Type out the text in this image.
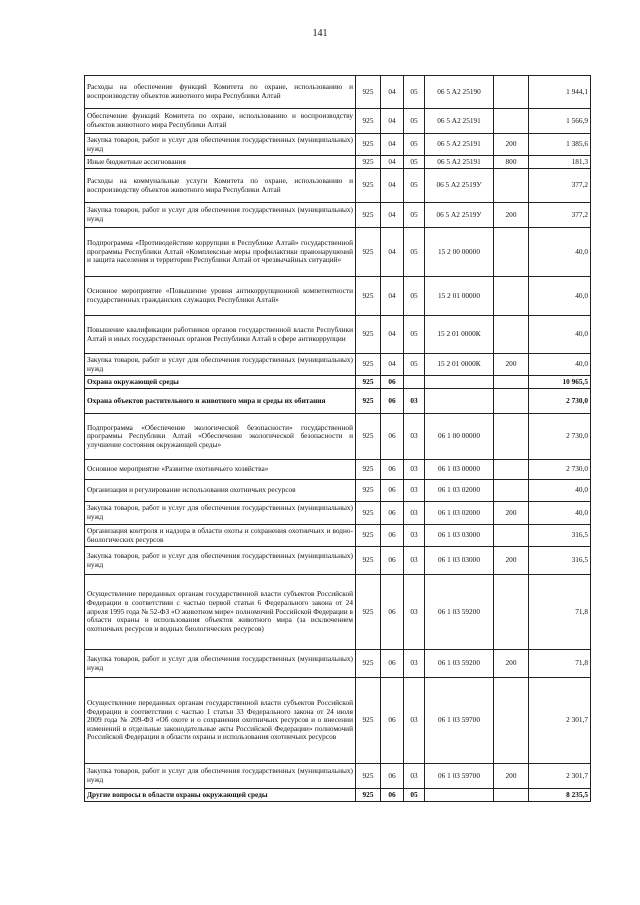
141
Расходы на обеспечение функций Комитета по охране, использованию и воспроизводству объектов животного мира Республики Алтай	925	04	05	06 5 А2 25190		1 944,1
Обеспечение функций Комитета по охране, использованию и воспроизводству объектов животного мира Республики Алтай	925	04	05	06 5 А2 25191		1 566,9
Закупка товаров, работ и услуг для обеспечения государственных (муниципальных) нужд	925	04	05	06 5 А2 25191	200	1 385,6
Иные бюджетные ассигнования	925	04	05	06 5 А2 25191	800	181,3
Расходы на коммунальные услуги Комитета по охране, использованию и воспроизводству объектов животного мира Республики Алтай	925	04	05	06 5 А2 2519У		377,2
Закупка товаров, работ и услуг для обеспечения государственных (муниципальных) нужд	925	04	05	06 5 А2 2519У	200	377,2
Подпрограмма «Противодействие коррупции в Республике Алтай» государственной программы Республики Алтай «Комплексные меры профилактики правонарушений и защита населения и территории Республики Алтай от чрезвычайных ситуаций»	925	04	05	15 2 00 00000		40,0
Основное мероприятие «Повышение уровня антикоррупционной компетентности государственных гражданских служащих Республики Алтай»	925	04	05	15 2 01 00000		40,0
Повышение квалификации работников органов государственной власти Республики Алтай и иных государственных органов Республики Алтай в сфере антикоррупции	925	04	05	15 2 01 0000К		40,0
Закупка товаров, работ и услуг для обеспечения государственных (муниципальных) нужд	925	04	05	15 2 01 0000К	200	40,0
Охрана окружающей среды	925	06				10 965,5
Охрана объектов растительного и животного мира и среды их обитания	925	06	03			2 730,0
Подпрограмма «Обеспечение экологической безопасности» государственной программы Республики Алтай «Обеспечение экологической безопасности и улучшение состояния окружающей среды»	925	06	03	06 1 00 00000		2 730,0
Основное мероприятие «Развитие охотничьего хозяйства»	925	06	03	06 1 03 00000		2 730,0
Организация и регулирование использования охотничьих ресурсов	925	06	03	06 1 03 02000		40,0
Закупка товаров, работ и услуг для обеспечения государственных (муниципальных) нужд	925	06	03	06 1 03 02000	200	40,0
Организация контроля и надзора в области охоты и сохранения охотничьих и водно-биологических ресурсов	925	06	03	06 1 03 03000		316,5
Закупка товаров, работ и услуг для обеспечения государственных (муниципальных) нужд	925	06	03	06 1 03 03000	200	316,5
Осуществление переданных органам государственной власти субъектов Российской Федерации в соответствии с частью первой статьи 6 Федерального закона от 24 апреля 1995 года № 52-ФЗ «О животном мире» полномочий Российской Федерации в области охраны и использования объектов животного мира (за исключением охотничьих ресурсов и водных биологических ресурсов)	925	06	03	06 1 03 59200		71,8
Закупка товаров, работ и услуг для обеспечения государственных (муниципальных) нужд	925	06	03	06 1 03 59200	200	71,8
Осуществление переданных органам государственной власти субъектов Российской Федерации в соответствии с частью 1 статьи 33 Федерального закона от 24 июля 2009 года № 209-ФЗ «Об охоте и о сохранении охотничьих ресурсов и о внесении изменений в отдельные законодательные акты Российской Федерации» полномочий Российской Федерации в области охраны и использования охотничьих ресурсов	925	06	03	06 1 03 59700		2 301,7
Закупка товаров, работ и услуг для обеспечения государственных (муниципальных) нужд	925	06	03	06 1 03 59700	200	2 301,7
Другие вопросы в области охраны окружающей среды	925	06	05			8 235,5
